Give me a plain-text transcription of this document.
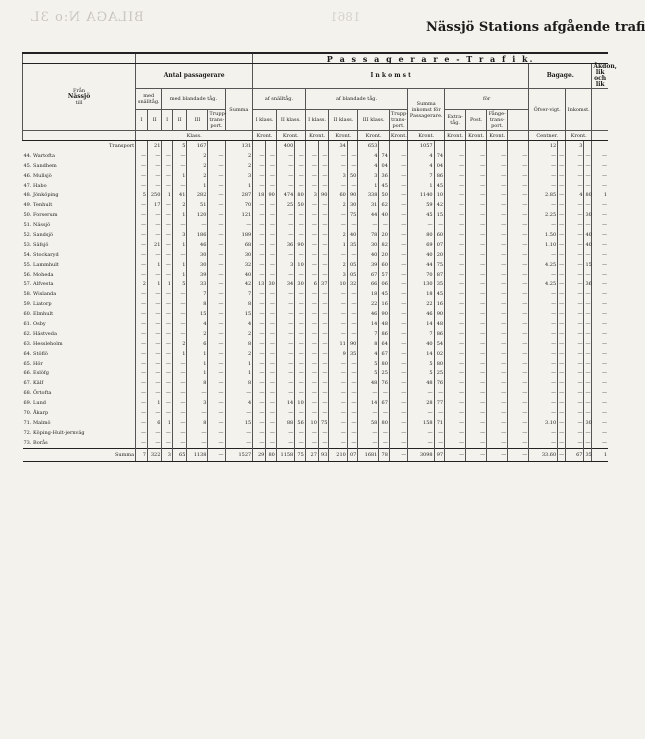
BILAGA N:o 3L	1861
Nässjö Stations afgående trafi
								P a s s a g e r a r e - T r a f i k.																					

Från
Nässjö
till	Antal passagerare							I n k o m s t																	Bagage.				Åkdon, lik och lik
	med snälltåg.		med blandade tåg.				Summa	af snälltåg.				af blandade tåg.							Summa inkomst för Passagerare.		för				Öfver-vigt.		Inkomst.		
	I	II	I	II	III	Trupp-trans-port.		I klass.		II klass.		I klass.		II klass.		III klass.		Trupp-trans-port.			Extra-tåg.	Post.	Fånge-trans-port.						
	Klass.							Kront.		Kront.		Kront.		Kront.		Kront.		Kront.	Kront.		Kront.	Kront.	Kront.		Centner.		Kront.		
Transport		21		5	167		131			400				34		653			1057						12		3		
44. Wartofta	—	—	—	—	2	—	2	—	—	—	—	—	—	—	—	4	74	—	4	74	—	—	—	—	—	—	—	—	—
45. Sandhem	—	—	—	—	2	—	2	—	—	—	—	—	—	—	—	4	04	—	4	04	—	—	—	—	—	—	—	—	—
46. Mullsjö	—	—	—	1	2	—	3	—	—	—	—	—	—	3	50	3	36	—	7	86	—	—	—	—	—	—	—	—	—
47. Habo	—	—	—	—	1	—	1	—	—	—	—	—	—	—	—	1	45	—	1	45	—	—	—	—	—	—	—	—	—
48. Jönköping	5	250	1	41	282	—	287	18	90	474	80	3	90	60	90	338	50	—	1140	10	—	—	—	—	2.85	—	4	80	1
49. Tenhult	—	17	—	2	51	—	70	—	—	25	50	—	—	2	30	31	62	—	59	42	—	—	—	—	—	—	—	—	—
50. Forserum	—	—	—	1	120	—	121	—	—	—	—	—	—	—	75	44	40	—	45	15	—	—	—	—	2.25	—	—	30	—
51. Nässjö	—	—	—	—	—	—	—	—	—	—	—	—	—	—	—	—	—	—	—	—	—	—	—	—	—	—	—	—	—
52. Sandsjö	—	—	—	3	186	—	189	—	—	—	—	—	—	2	40	78	20	—	80	60	—	—	—	—	1.50	—	—	40	—
53. Säfsjö	—	21	—	1	46	—	68	—	—	36	90	—	—	1	35	30	82	—	69	07	—	—	—	—	1.10	—	—	40	—
54. Stockaryd	—	—	—	—	30	—	30	—	—	—	—	—	—	—	—	40	20	—	40	20	—	—	—	—	—	—	—	—	—
55. Lammhult	—	1	—	1	30	—	32	—	—	3	10	—	—	2	05	39	60	—	44	75	—	—	—	—	4.25	—	—	15	—
56. Moheda	—	—	—	1	39	—	40	—	—	—	—	—	—	3	05	67	57	—	70	87	—	—	—	—	—	—	—	—	—
57. Alfvesta	2	1	1	5	33	—	42	13	30	34	30	6	37	10	32	66	06	—	130	35	—	—	—	—	4.25	—	—	36	—
58. Wislanda	—	—	—	—	7	—	7	—	—	—	—	—	—	—	—	18	45	—	18	45	—	—	—	—	—	—	—	—	—
59. Liatorp	—	—	—	—	8	—	8	—	—	—	—	—	—	—	—	22	16	—	22	16	—	—	—	—	—	—	—	—	—
60. Elmhult	—	—	—	—	15	—	15	—	—	—	—	—	—	—	—	46	90	—	46	90	—	—	—	—	—	—	—	—	—
61. Osby	—	—	—	—	4	—	4	—	—	—	—	—	—	—	—	14	48	—	14	48	—	—	—	—	—	—	—	—	—
62. Hästveda	—	—	—	—	2	—	2	—	—	—	—	—	—	—	—	7	86	—	7	86	—	—	—	—	—	—	—	—	—
63. Hessleholm	—	—	—	2	6	—	8	—	—	—	—	—	—	11	90	8	64	—	40	54	—	—	—	—	—	—	—	—	—
64. Stöflö	—	—	—	1	1	—	2	—	—	—	—	—	—	9	35	4	67	—	14	02	—	—	—	—	—	—	—	—	—
65. Hör	—	—	—	—	1	—	1	—	—	—	—	—	—	—	—	5	80	—	5	80	—	—	—	—	—	—	—	—	—
66. Eslöfg	—	—	—	—	1	—	1	—	—	—	—	—	—	—	—	5	25	—	5	25	—	—	—	—	—	—	—	—	—
67. Kälf	—	—	—	—	8	—	8	—	—	—	—	—	—	—	—	48	76	—	48	76	—	—	—	—	—	—	—	—	—
68. Örtofta	—	—	—	—	—	—	—	—	—	—	—	—	—	—	—	—	—	—	—	—	—	—	—	—	—	—	—	—	—
69. Lund	—	1	—	—	3	—	4	—	—	14	10	—	—	—	—	14	67	—	28	77	—	—	—	—	—	—	—	—	—
70. Åkarp	—	—	—	—	—	—	—	—	—	—	—	—	—	—	—	—	—	—	—	—	—	—	—	—	—	—	—	—	—
71. Malmö	—	6	1	—	8	—	15	—	—	88	56	10	75	—	—	58	80	—	158	71	—	—	—	—	3.10	—	—	30	—
72. Köping-Hult-jernväg	—	—	—	—	—	—	—	—	—	—	—	—	—	—	—	—	—	—	—	—	—	—	—	—	—	—	—	—	—
73. Borås	—	—	—	—	—	—	—	—	—	—	—	—	—	—	—	—	—	—	—	—	—	—	—	—	—	—	—	—	—
Summa	7	322	3	65	1138	—	1527	29	80	1158	75	27	93	210	07	1681	78	—	3098	97	—	—	—	—	33.60	—	67	35	1
